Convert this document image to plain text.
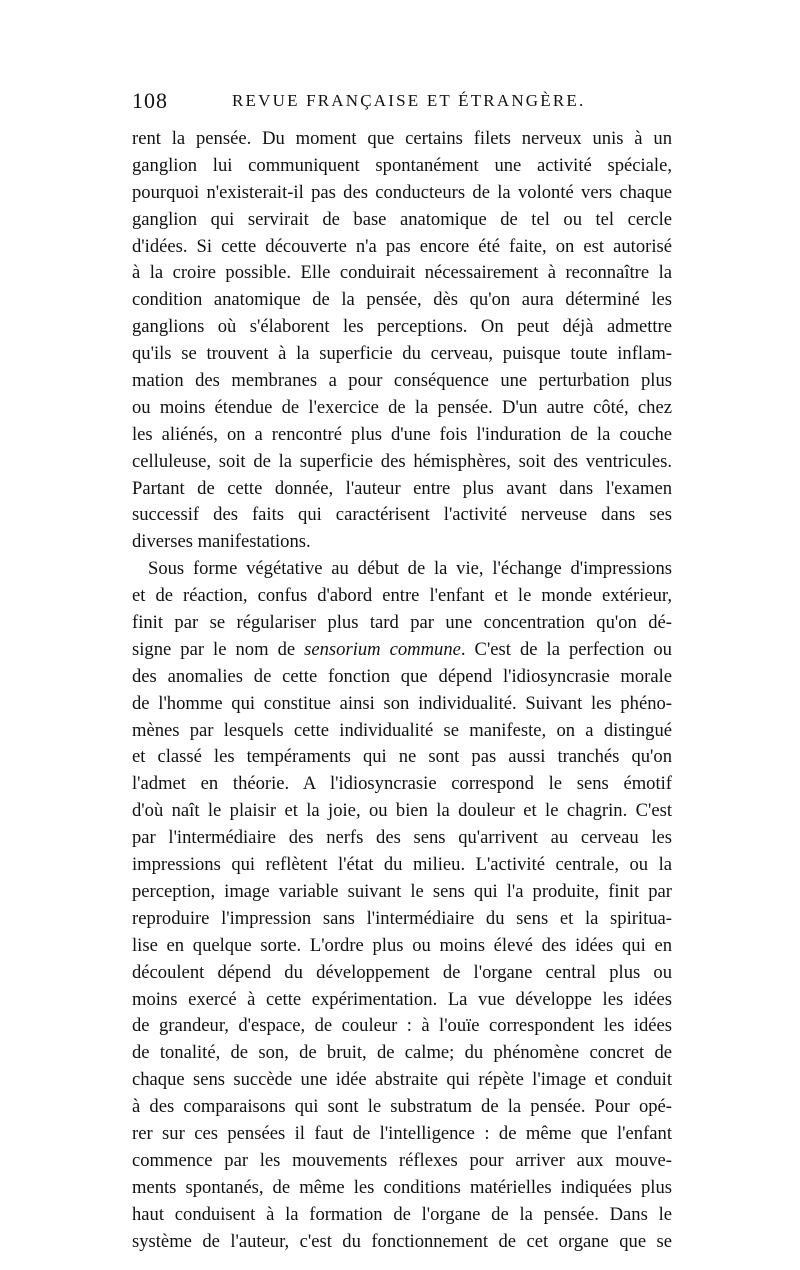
108	REVUE FRANÇAISE ET ÉTRANGÈRE.
rent la pensée. Du moment que certains filets nerveux unis à un
ganglion lui communiquent spontanément une activité spéciale,
pourquoi n'existerait-il pas des conducteurs de la volonté vers chaque
ganglion qui servirait de base anatomique de tel ou tel cercle
d'idées. Si cette découverte n'a pas encore été faite, on est autorisé
à la croire possible. Elle conduirait nécessairement à reconnaître la
condition anatomique de la pensée, dès qu'on aura déterminé les
ganglions où s'élaborent les perceptions. On peut déjà admettre
qu'ils se trouvent à la superficie du cerveau, puisque toute inflam-
mation des membranes a pour conséquence une perturbation plus
ou moins étendue de l'exercice de la pensée. D'un autre côté, chez
les aliénés, on a rencontré plus d'une fois l'induration de la couche
celluleuse, soit de la superficie des hémisphères, soit des ventricules.
Partant de cette donnée, l'auteur entre plus avant dans l'examen
successif des faits qui caractérisent l'activité nerveuse dans ses
diverses manifestations.
Sous forme végétative au début de la vie, l'échange d'impressions
et de réaction, confus d'abord entre l'enfant et le monde extérieur,
finit par se régulariser plus tard par une concentration qu'on dé-
signe par le nom de sensorium commune. C'est de la perfection ou
des anomalies de cette fonction que dépend l'idiosyncrasie morale
de l'homme qui constitue ainsi son individualité. Suivant les phéno-
mènes par lesquels cette individualité se manifeste, on a distingué
et classé les tempéraments qui ne sont pas aussi tranchés qu'on
l'admet en théorie. A l'idiosyncrasie correspond le sens émotif
d'où naît le plaisir et la joie, ou bien la douleur et le chagrin. C'est
par l'intermédiaire des nerfs des sens qu'arrivent au cerveau les
impressions qui reflètent l'état du milieu. L'activité centrale, ou la
perception, image variable suivant le sens qui l'a produite, finit par
reproduire l'impression sans l'intermédiaire du sens et la spiritua-
lise en quelque sorte. L'ordre plus ou moins élevé des idées qui en
découlent dépend du développement de l'organe central plus ou
moins exercé à cette expérimentation. La vue développe les idées
de grandeur, d'espace, de couleur : à l'ouïe correspondent les idées
de tonalité, de son, de bruit, de calme; du phénomène concret de
chaque sens succède une idée abstraite qui répète l'image et conduit
à des comparaisons qui sont le substratum de la pensée. Pour opé-
rer sur ces pensées il faut de l'intelligence : de même que l'enfant
commence par les mouvements réflexes pour arriver aux mouve-
ments spontanés, de même les conditions matérielles indiquées plus
haut conduisent à la formation de l'organe de la pensée. Dans le
système de l'auteur, c'est du fonctionnement de cet organe que se
